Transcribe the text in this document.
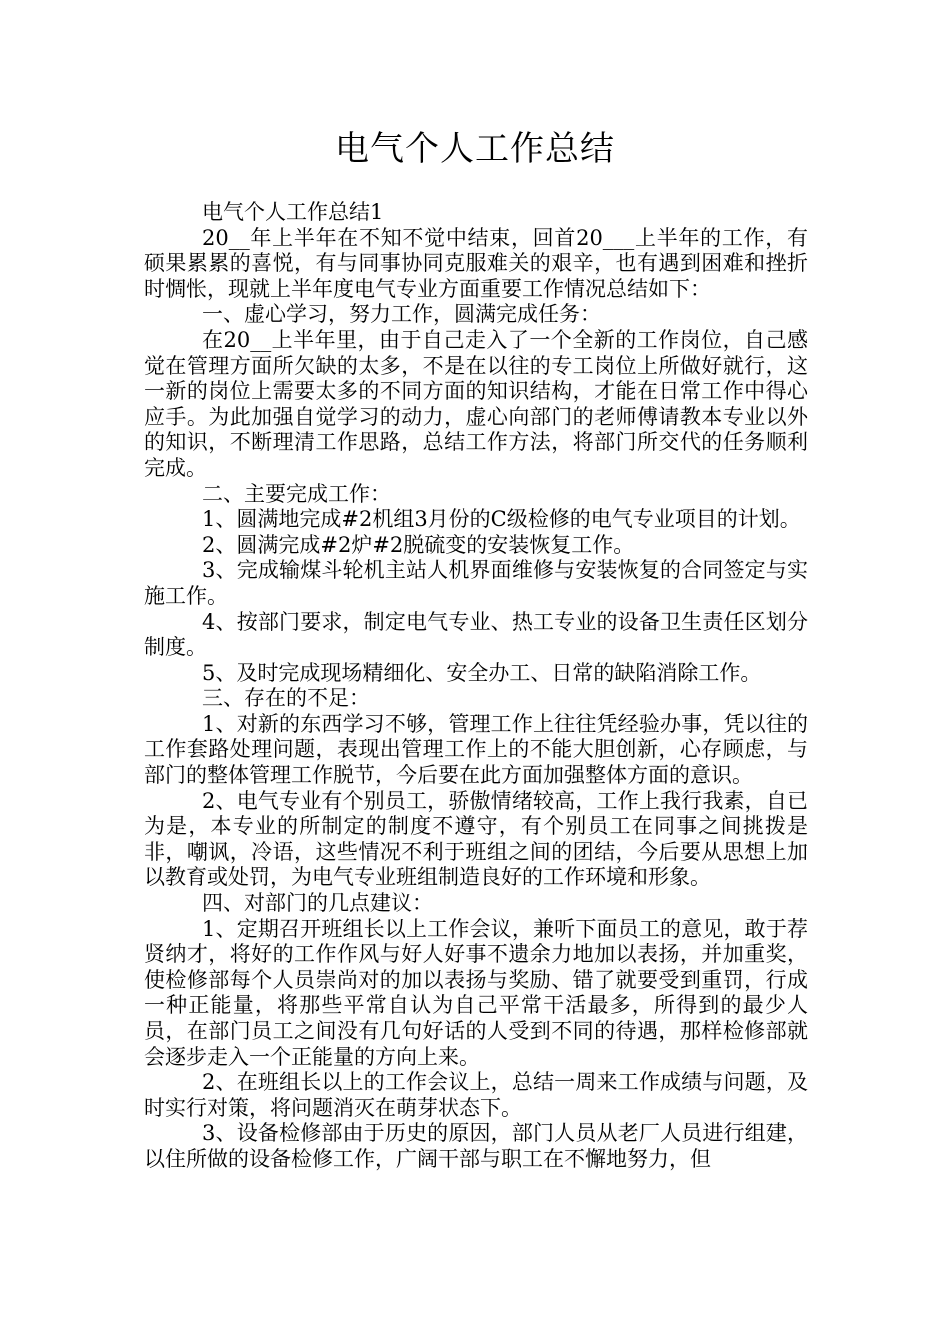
电气个人工作总结

电气个人工作总结1

20__年上半年在不知不觉中结束，回首20___上半年的工作，有硕果累累的喜悦，有与同事协同克服难关的艰辛，也有遇到困难和挫折时惆怅，现就上半年度电气专业方面重要工作情况总结如下：

一、虚心学习，努力工作，圆满完成任务：

在20__上半年里，由于自己走入了一个全新的工作岗位，自己感觉在管理方面所欠缺的太多，不是在以往的专工岗位上所做好就行，这一新的岗位上需要太多的不同方面的知识结构，才能在日常工作中得心应手。为此加强自觉学习的动力，虚心向部门的老师傅请教本专业以外的知识，不断理清工作思路，总结工作方法，将部门所交代的任务顺利完成。

二、主要完成工作：

1、圆满地完成#2机组3月份的C级检修的电气专业项目的计划。

2、圆满完成#2炉#2脱硫变的安装恢复工作。

3、完成输煤斗轮机主站人机界面维修与安装恢复的合同签定与实施工作。

4、按部门要求，制定电气专业、热工专业的设备卫生责任区划分制度。

5、及时完成现场精细化、安全办工、日常的缺陷消除工作。

三、存在的不足：

1、对新的东西学习不够，管理工作上往往凭经验办事，凭以往的工作套路处理问题，表现出管理工作上的不能大胆创新，心存顾虑，与部门的整体管理工作脱节，今后要在此方面加强整体方面的意识。

2、电气专业有个别员工，骄傲情绪较高，工作上我行我素，自已为是，本专业的所制定的制度不遵守，有个别员工在同事之间挑拨是非，嘲讽，冷语，这些情况不利于班组之间的团结，今后要从思想上加以教育或处罚，为电气专业班组制造良好的工作环境和形象。

四、对部门的几点建议：

1、定期召开班组长以上工作会议，兼听下面员工的意见，敢于荐贤纳才，将好的工作作风与好人好事不遗余力地加以表扬，并加重奖，使检修部每个人员崇尚对的加以表扬与奖励、错了就要受到重罚，行成一种正能量，将那些平常自认为自己平常干活最多，所得到的最少人员，在部门员工之间没有几句好话的人受到不同的待遇，那样检修部就会逐步走入一个正能量的方向上来。

2、在班组长以上的工作会议上，总结一周来工作成绩与问题，及时实行对策，将问题消灭在萌芽状态下。

3、设备检修部由于历史的原因，部门人员从老厂人员进行组建，以住所做的设备检修工作，广阔干部与职工在不懈地努力，但
